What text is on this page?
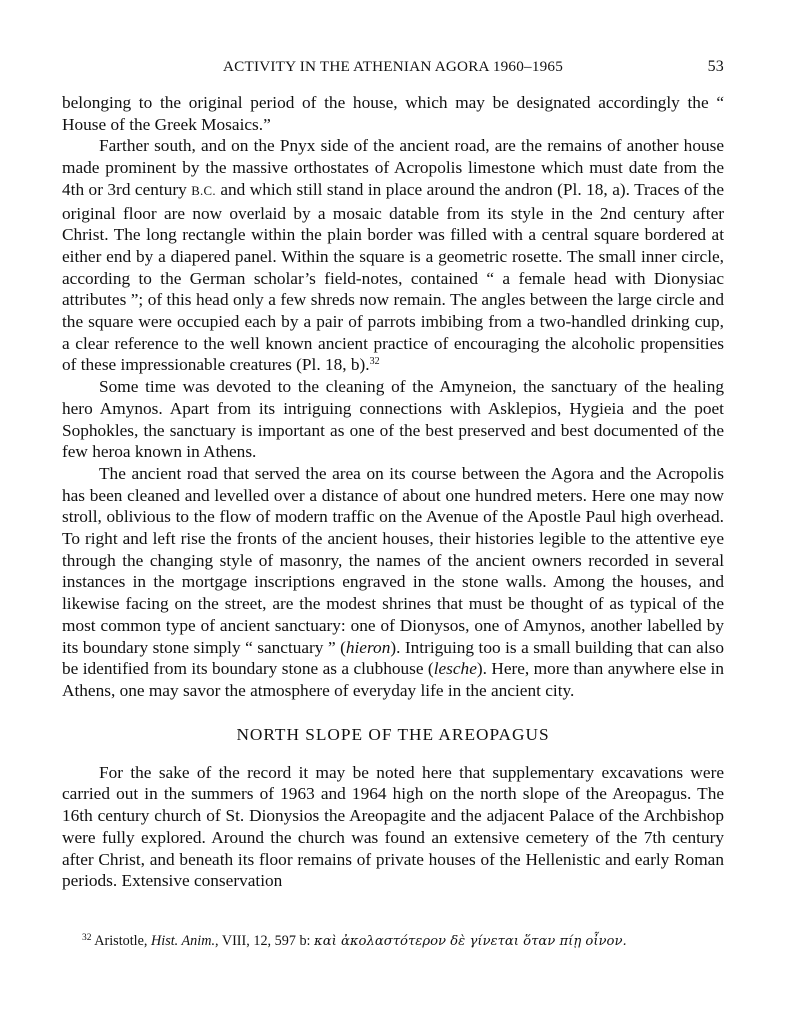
ACTIVITY IN THE ATHENIAN AGORA 1960–1965	53

belonging to the original period of the house, which may be designated accordingly the “ House of the Greek Mosaics.”

Farther south, and on the Pnyx side of the ancient road, are the remains of another house made prominent by the massive orthostates of Acropolis limestone which must date from the 4th or 3rd century B.C. and which still stand in place around the andron (Pl. 18, a). Traces of the original floor are now overlaid by a mosaic datable from its style in the 2nd century after Christ. The long rectangle within the plain border was filled with a central square bordered at either end by a diapered panel. Within the square is a geometric rosette. The small inner circle, according to the German scholar’s field-notes, contained “ a female head with Dionysiac attributes ”; of this head only a few shreds now remain. The angles between the large circle and the square were occupied each by a pair of parrots imbibing from a two-handled drinking cup, a clear reference to the well known ancient practice of encouraging the alcoholic propensities of these impressionable creatures (Pl. 18, b).$^{32}$

Some time was devoted to the cleaning of the Amyneion, the sanctuary of the healing hero Amynos. Apart from its intriguing connections with Asklepios, Hygieia and the poet Sophokles, the sanctuary is important as one of the best preserved and best documented of the few heroa known in Athens.

The ancient road that served the area on its course between the Agora and the Acropolis has been cleaned and levelled over a distance of about one hundred meters. Here one may now stroll, oblivious to the flow of modern traffic on the Avenue of the Apostle Paul high overhead. To right and left rise the fronts of the ancient houses, their histories legible to the attentive eye through the changing style of masonry, the names of the ancient owners recorded in several instances in the mortgage inscriptions engraved in the stone walls. Among the houses, and likewise facing on the street, are the modest shrines that must be thought of as typical of the most common type of ancient sanctuary: one of Dionysos, one of Amynos, another labelled by its boundary stone simply “ sanctuary ” (hieron). Intriguing too is a small building that can also be identified from its boundary stone as a clubhouse (lesche). Here, more than anywhere else in Athens, one may savor the atmosphere of everyday life in the ancient city.

NORTH SLOPE OF THE AREOPAGUS

For the sake of the record it may be noted here that supplementary excavations were carried out in the summers of 1963 and 1964 high on the north slope of the Areopagus. The 16th century church of St. Dionysios the Areopagite and the adjacent Palace of the Archbishop were fully explored. Around the church was found an extensive cemetery of the 7th century after Christ, and beneath its floor remains of private houses of the Hellenistic and early Roman periods. Extensive conservation

$^{32}$ Aristotle, Hist. Anim., VIII, 12, 597 b: καὶ ἀκολαστότερον δὲ γίνεται ὅταν πίῃ οἶνον.
